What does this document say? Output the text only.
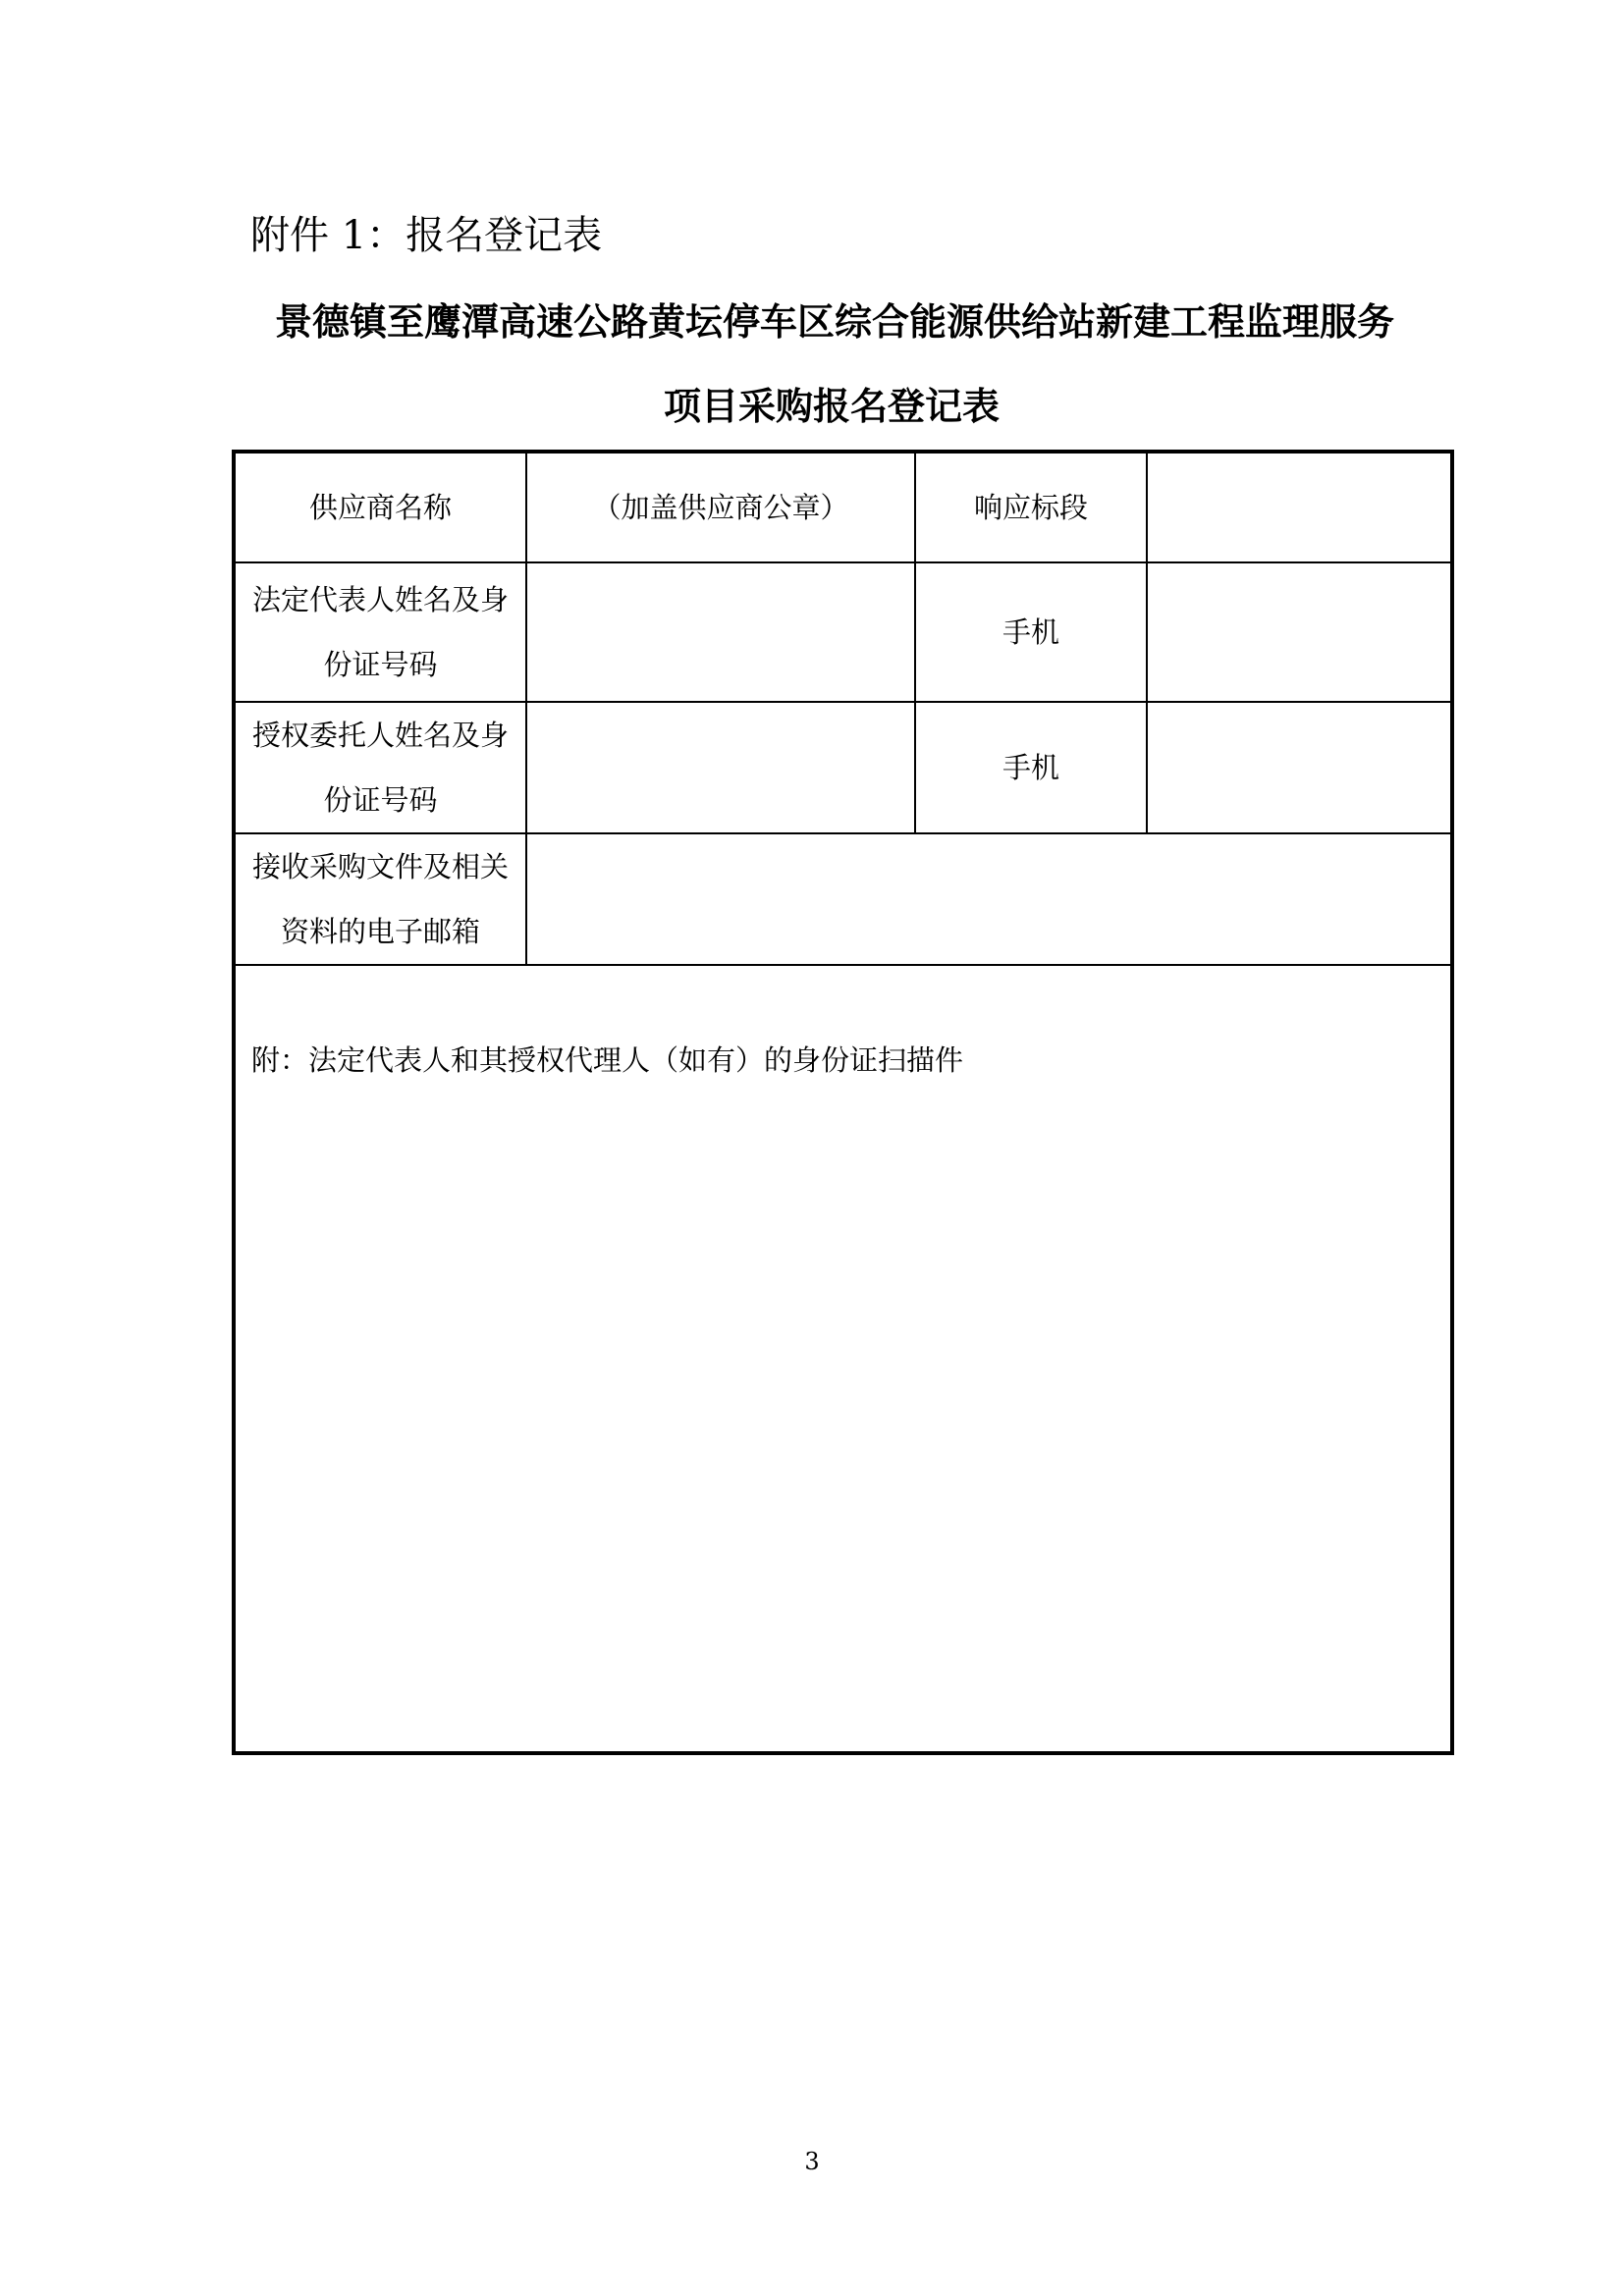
附件 1：报名登记表
景德镇至鹰潭高速公路黄坛停车区综合能源供给站新建工程监理服务
项目采购报名登记表
供应商名称	（加盖供应商公章）	响应标段	
法定代表人姓名及身份证号码		手机	
授权委托人姓名及身份证号码		手机	
接收采购文件及相关资料的电子邮箱			

附：法定代表人和其授权代理人（如有）的身份证扫描件			
3
